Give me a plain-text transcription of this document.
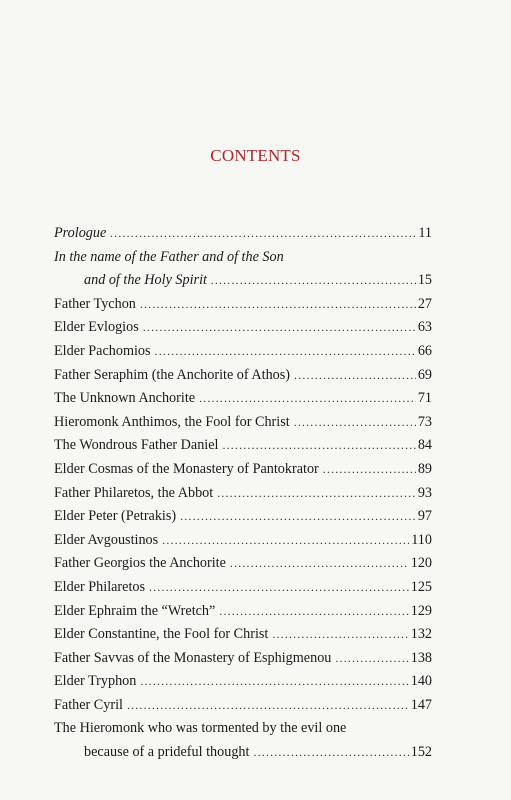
CONTENTS
Prologue .....	11
In the name of the Father and of the Son
and of the Holy Spirit .....	15
Father Tychon .....	27
Elder Evlogios .....	63
Elder Pachomios .....	66
Father Seraphim (the Anchorite of Athos) .....	69
The Unknown Anchorite .....	71
Hieromonk Anthimos, the Fool for Christ .....	73
The Wondrous Father Daniel .....	84
Elder Cosmas of the Monastery of Pantokrator .....	89
Father Philaretos, the Abbot .....	93
Elder Peter (Petrakis) .....	97
Elder Avgoustinos .....	110
Father Georgios the Anchorite .....	120
Elder Philaretos .....	125
Elder Ephraim the “Wretch” .....	129
Elder Constantine, the Fool for Christ .....	132
Father Savvas of the Monastery of Esphigmenou .....	138
Elder Tryphon .....	140
Father Cyril .....	147
The Hieromonk who was tormented by the evil one
because of a prideful thought .....	152
